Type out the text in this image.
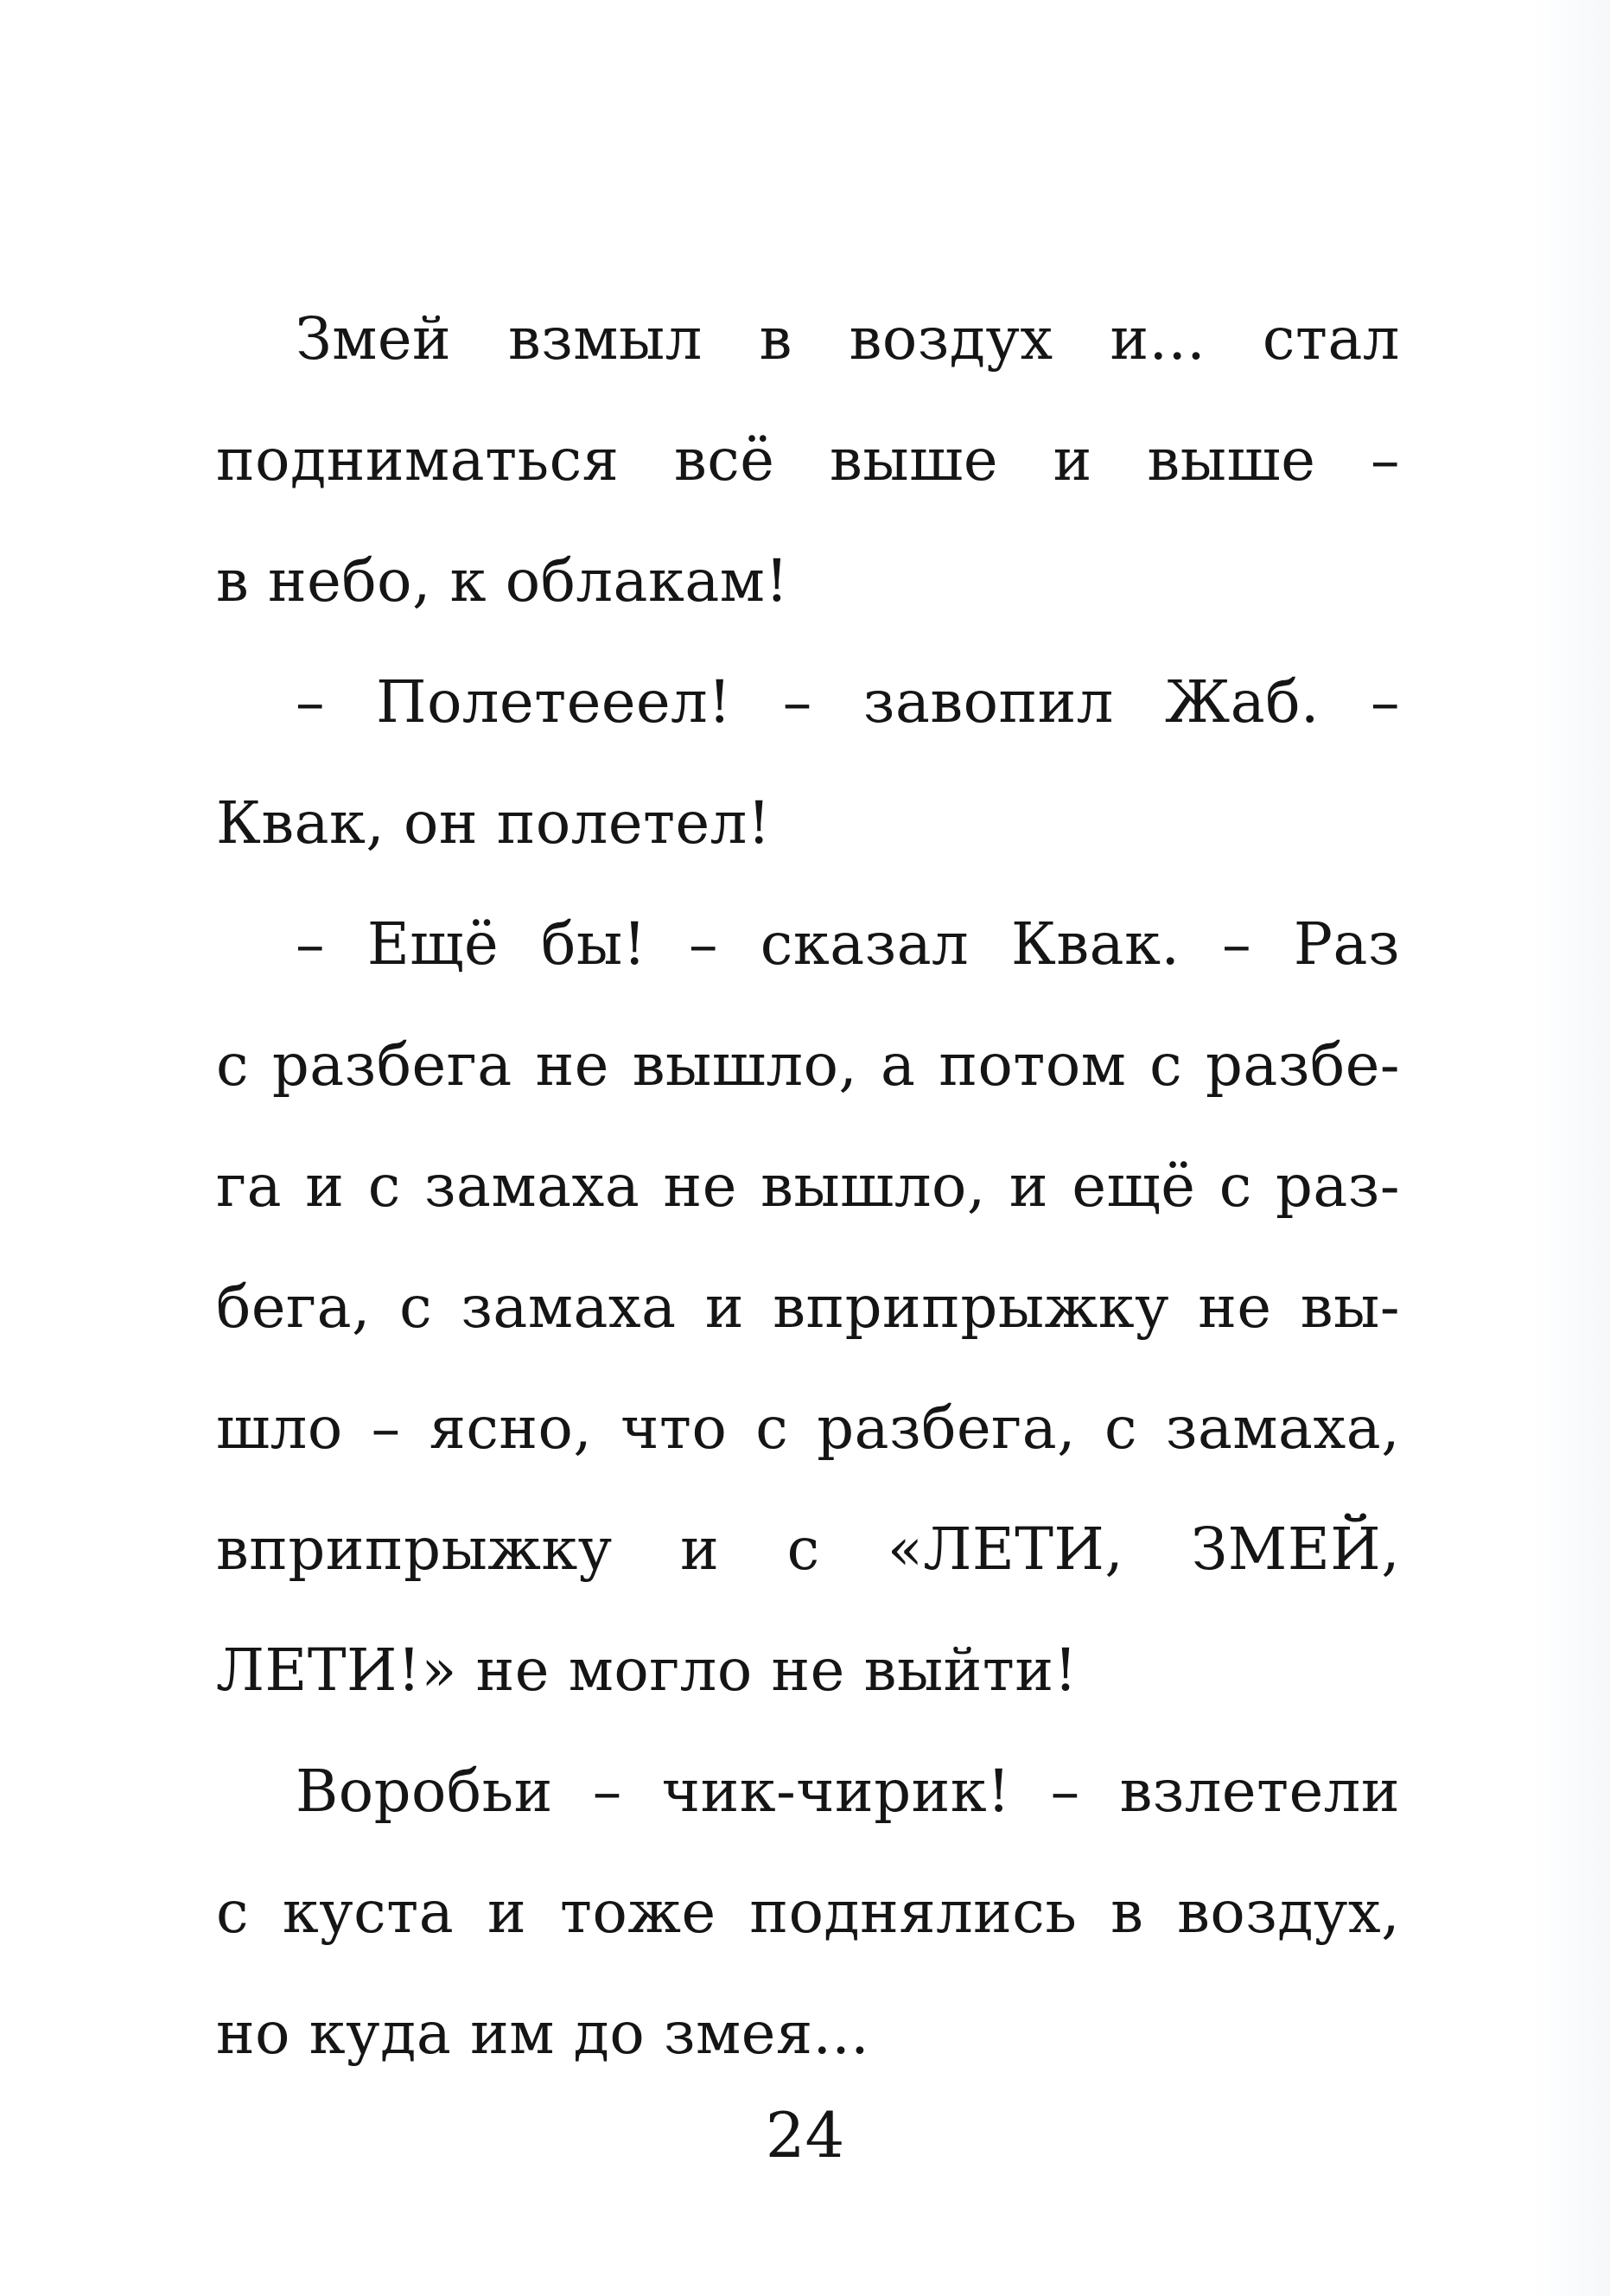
Змей взмыл в воздух и... стал
подниматься всё выше и выше –
в небо, к облакам!
– Полетееел! – завопил Жаб. –
Квак, он полетел!
– Ещё бы! – сказал Квак. – Раз
с разбега не вышло, а потом с разбе-
га и с замаха не вышло, и ещё с раз-
бега, с замаха и вприпрыжку не вы-
шло – ясно, что с разбега, с замаха,
вприпрыжку и с «ЛЕТИ, ЗМЕЙ,
ЛЕТИ!» не могло не выйти!
Воробьи – чик-чирик! – взлетели
с куста и тоже поднялись в воздух,
но куда им до змея...
24
